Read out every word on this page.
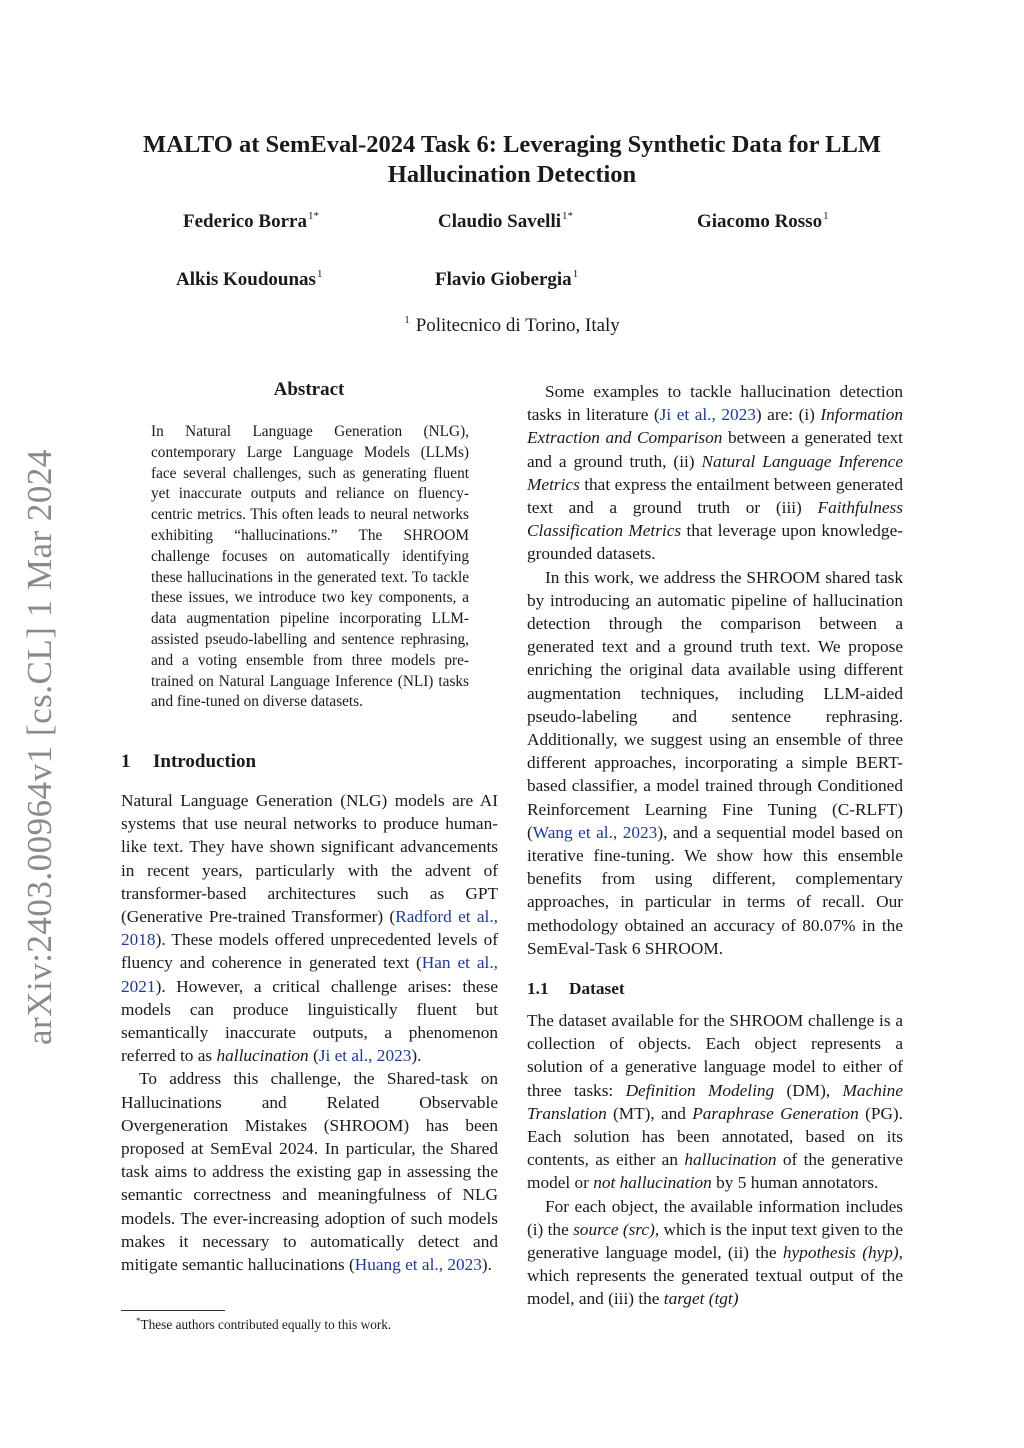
arXiv:2403.00964v1 [cs.CL] 1 Mar 2024
MALTO at SemEval-2024 Task 6: Leveraging Synthetic Data for LLM
Hallucination Detection
Federico Borra$^{1*}$	Claudio Savelli$^{1*}$	Giacomo Rosso$^1$
Alkis Koudounas$^1$	Flavio Giobergia$^1$
$^1$ Politecnico di Torino, Italy
Abstract
In Natural Language Generation (NLG), contemporary Large Language Models (LLMs) face several challenges, such as generating fluent yet inaccurate outputs and reliance on fluency-centric metrics. This often leads to neural networks exhibiting “hallucinations.” The SHROOM challenge focuses on automatically identifying these hallucinations in the generated text. To tackle these issues, we introduce two key components, a data augmentation pipeline incorporating LLM-assisted pseudo-labelling and sentence rephrasing, and a voting ensemble from three models pre-trained on Natural Language Inference (NLI) tasks and fine-tuned on diverse datasets.
1 Introduction

Natural Language Generation (NLG) models are AI systems that use neural networks to produce human-like text. They have shown significant advancements in recent years, particularly with the advent of transformer-based architectures such as GPT (Generative Pre-trained Transformer) (Radford et al., 2018). These models offered unprecedented levels of fluency and coherence in generated text (Han et al., 2021). However, a critical challenge arises: these models can produce linguistically fluent but semantically inaccurate outputs, a phenomenon referred to as hallucination (Ji et al., 2023).

To address this challenge, the Shared-task on Hallucinations and Related Observable Overgeneration Mistakes (SHROOM) has been proposed at SemEval 2024. In particular, the Shared task aims to address the existing gap in assessing the semantic correctness and meaningfulness of NLG models. The ever-increasing adoption of such models makes it necessary to automatically detect and mitigate semantic hallucinations (Huang et al., 2023).

Some examples to tackle hallucination detection tasks in literature (Ji et al., 2023) are: (i) Information Extraction and Comparison between a generated text and a ground truth, (ii) Natural Language Inference Metrics that express the entailment between generated text and a ground truth or (iii) Faithfulness Classification Metrics that leverage upon knowledge-grounded datasets.

In this work, we address the SHROOM shared task by introducing an automatic pipeline of hallucination detection through the comparison between a generated text and a ground truth text. We propose enriching the original data available using different augmentation techniques, including LLM-aided pseudo-labeling and sentence rephrasing. Additionally, we suggest using an ensemble of three different approaches, incorporating a simple BERT-based classifier, a model trained through Conditioned Reinforcement Learning Fine Tuning (C-RLFT) (Wang et al., 2023), and a sequential model based on iterative fine-tuning. We show how this ensemble benefits from using different, complementary approaches, in particular in terms of recall. Our methodology obtained an accuracy of 80.07% in the SemEval-Task 6 SHROOM.

1.1 Dataset

The dataset available for the SHROOM challenge is a collection of objects. Each object represents a solution of a generative language model to either of three tasks: Definition Modeling (DM), Machine Translation (MT), and Paraphrase Generation (PG). Each solution has been annotated, based on its contents, as either an hallucination of the generative model or not hallucination by 5 human annotators.

For each object, the available information includes (i) the source (src), which is the input text given to the generative language model, (ii) the hypothesis (hyp), which represents the generated textual output of the model, and (iii) the target (tgt)

*These authors contributed equally to this work.
